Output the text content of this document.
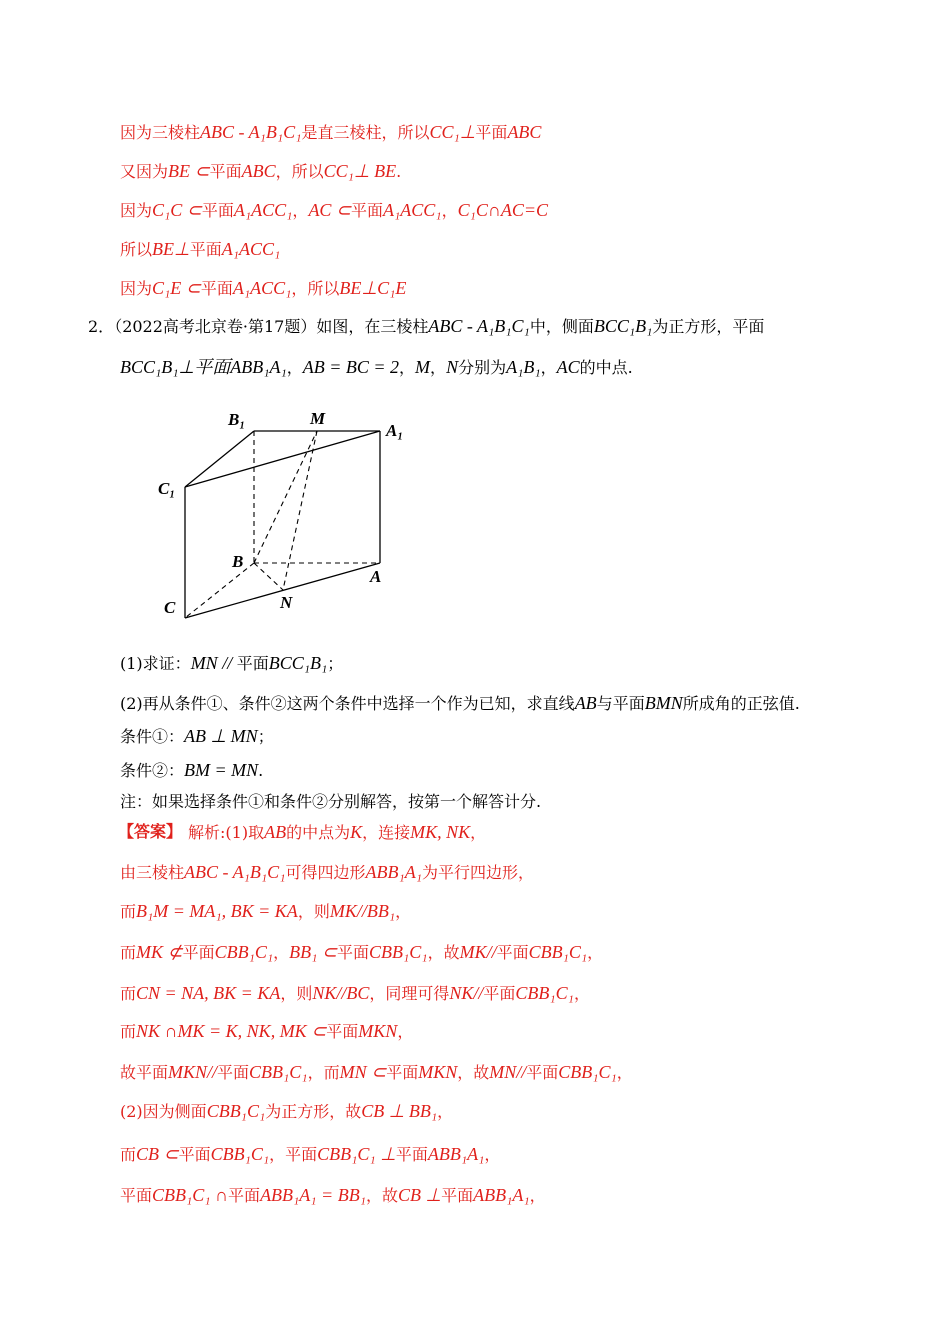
因为三棱柱ABC - A₁B₁C₁是直三棱柱，所以CC₁⊥平面ABC
又因为BE ⊂平面ABC，所以CC₁⊥ BE.
因为C₁C ⊂平面A₁ACC₁，AC ⊂平面A₁ACC₁，C₁C∩AC=C
所以BE⊥平面A₁ACC₁
因为C₁E ⊂平面A₁ACC₁，所以BE⊥C₁E
2．（2022高考北京卷·第17题）如图，在三棱柱ABC - A₁B₁C₁中，侧面BCC₁B₁为正方形，平面
BCC₁B₁⊥平面ABB₁A₁，AB = BC = 2，M，N分别为A₁B₁，AC的中点.
(1)求证：MN // 平面BCC₁B₁；
(2)再从条件①、条件②这两个条件中选择一个作为已知，求直线AB与平面BMN所成角的正弦值.
条件①：AB ⊥ MN；
条件②：BM = MN.
注：如果选择条件①和条件②分别解答，按第一个解答计分.
解析:(1)取AB的中点为K，连接MK, NK，
由三棱柱ABC - A₁B₁C₁可得四边形ABB₁A₁为平行四边形，
而B₁M = MA₁, BK = KA，则MK//BB₁，
而MK ⊄平面CBB₁C₁，BB₁ ⊂平面CBB₁C₁，故MK//平面CBB₁C₁，
而CN = NA, BK = KA，则NK//BC，同理可得NK//平面CBB₁C₁，
而NK ∩MK = K, NK, MK ⊂平面MKN，
故平面MKN//平面CBB₁C₁，而MN ⊂平面MKN，故MN//平面CBB₁C₁，
(2)因为侧面CBB₁C₁为正方形，故CB ⊥ BB₁，
而CB ⊂平面CBB₁C₁，平面CBB₁C₁ ⊥平面ABB₁A₁，
平面CBB₁C₁ ∩平面ABB₁A₁ = BB₁，故CB ⊥平面ABB₁A₁，
【答案】
B₁	M
A₁
C₁
B
A
C	N
